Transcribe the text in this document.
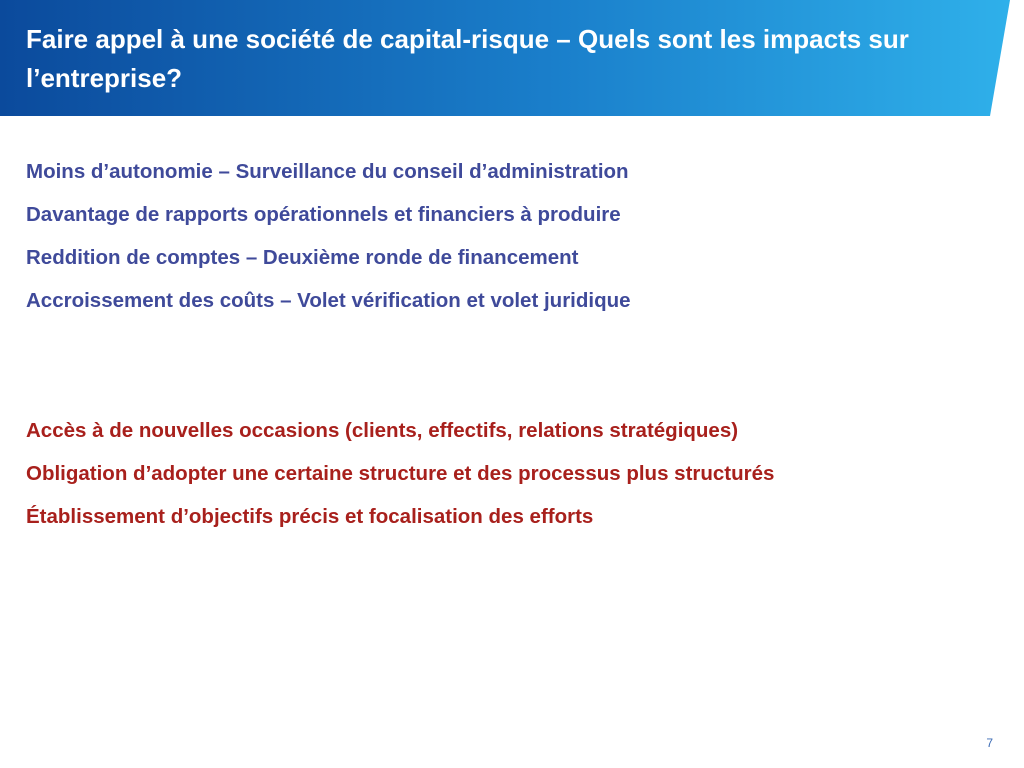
Faire appel à une société de capital-risque – Quels sont les impacts sur l’entreprise?
Moins d’autonomie – Surveillance du conseil d’administration
Davantage de rapports opérationnels et financiers à produire
Reddition de comptes – Deuxième ronde de financement
Accroissement des coûts – Volet vérification et volet juridique
Accès à de nouvelles occasions (clients, effectifs, relations stratégiques)
Obligation d’adopter une certaine structure et des processus plus structurés
Établissement d’objectifs précis et focalisation des efforts
7
